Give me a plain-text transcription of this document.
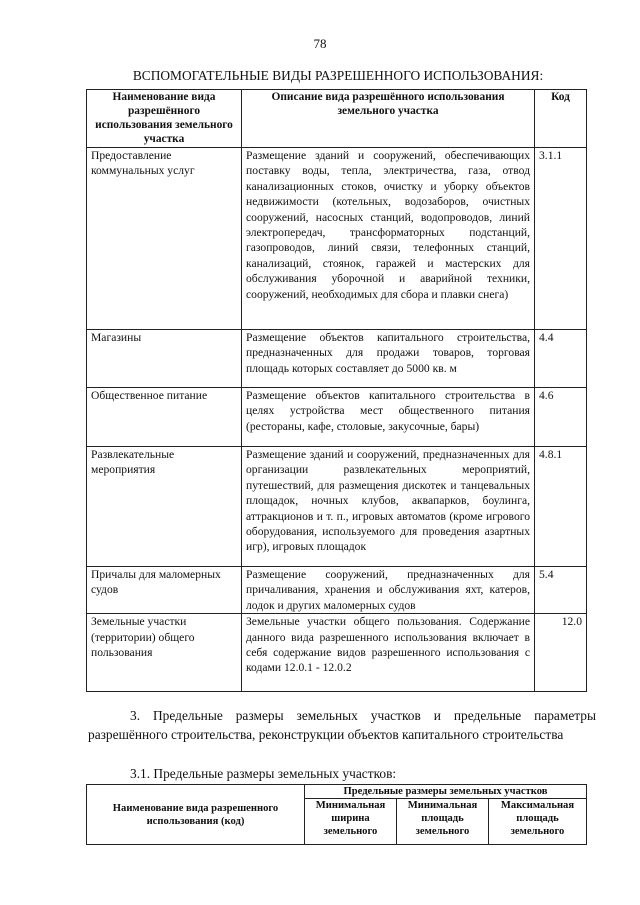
78
ВСПОМОГАТЕЛЬНЫЕ ВИДЫ РАЗРЕШЕННОГО ИСПОЛЬЗОВАНИЯ:
Наименование вида разрешённого использования земельного участка	Описание вида разрешённого использования земельного участка	Код
Предоставление коммунальных услуг	Размещение зданий и сооружений, обеспечивающих поставку воды, тепла, электричества, газа, отвод канализационных стоков, очистку и уборку объектов недвижимости (котельных, водозаборов, очистных сооружений, насосных станций, водопроводов, линий электропередач, трансформаторных подстанций, газопроводов, линий связи, телефонных станций, канализаций, стоянок, гаражей и мастерских для обслуживания уборочной и аварийной техники, сооружений, необходимых для сбора и плавки снега)	3.1.1
Магазины	Размещение объектов капитального строительства, предназначенных для продажи товаров, торговая площадь которых составляет до 5000 кв. м	4.4
Общественное питание	Размещение объектов капитального строительства в целях устройства мест общественного питания (рестораны, кафе, столовые, закусочные, бары)	4.6
Развлекательные мероприятия	Размещение зданий и сооружений, предназначенных для организации развлекательных мероприятий, путешествий, для размещения дискотек и танцевальных площадок, ночных клубов, аквапарков, боулинга, аттракционов и т. п., игровых автоматов (кроме игрового оборудования, используемого для проведения азартных игр), игровых площадок	4.8.1
Причалы для маломерных судов	Размещение сооружений, предназначенных для причаливания, хранения и обслуживания яхт, катеров, лодок и других маломерных судов	5.4
Земельные участки (территории) общего пользования	Земельные участки общего пользования. Содержание данного вида разрешенного использования включает в себя содержание видов разрешенного использования с кодами 12.0.1 - 12.0.2	12.0
3. Предельные размеры земельных участков и предельные параметры разрешённого строительства, реконструкции объектов капитального строительства
3.1. Предельные размеры земельных участков:
Наименование вида разрешенного использования (код)	Предельные размеры земельных участков		
	Минимальная ширина земельного	Минимальная площадь земельного	Максимальная площадь земельного
